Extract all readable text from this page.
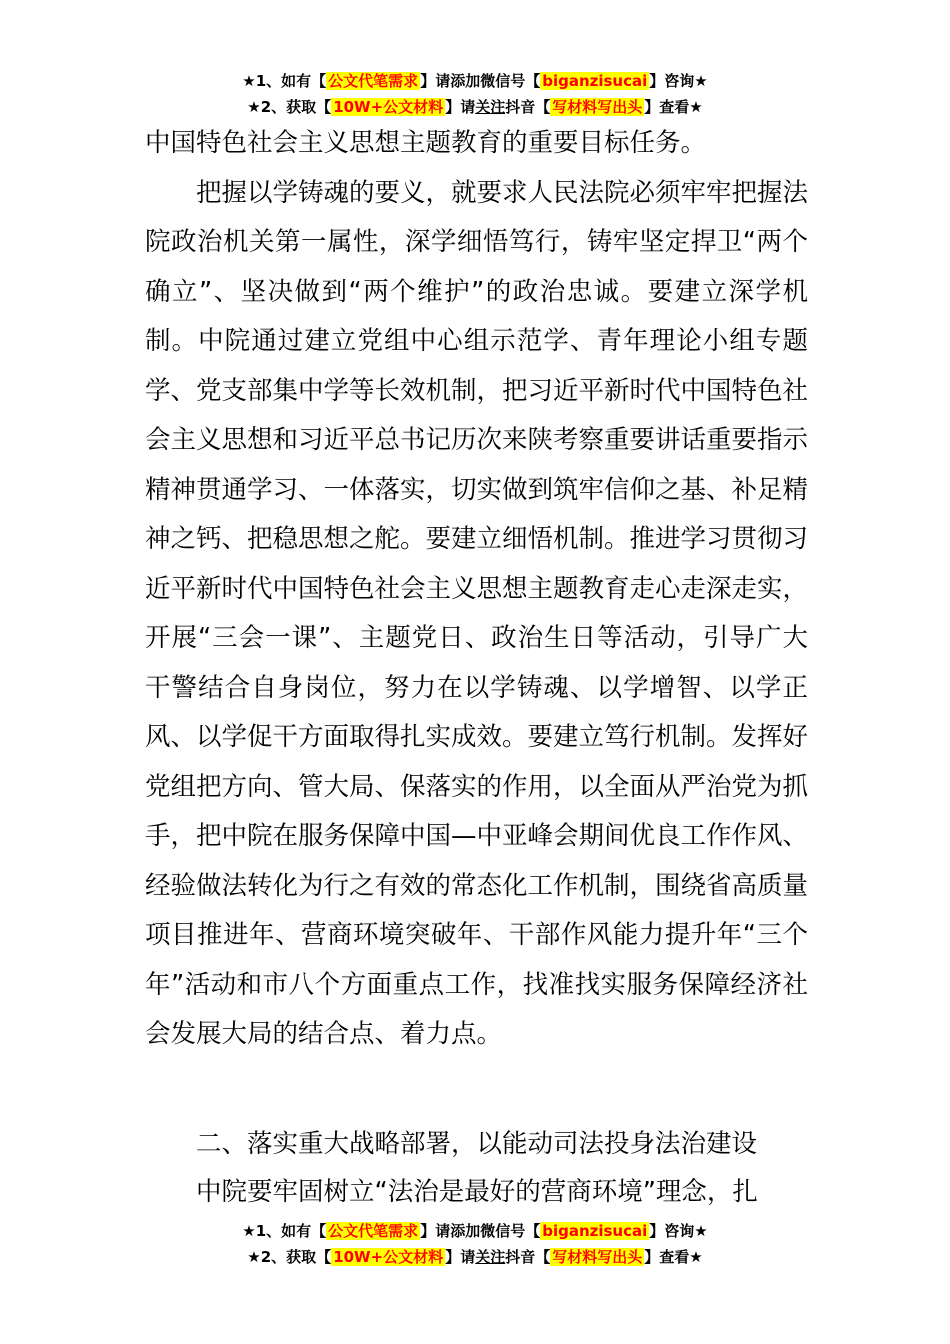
★1、如有【 公文代笔需求 】请添加微信号【 biganzisucai 】咨询★
★2、获取【 10W+公文材料 】请关注抖音【 写材料写出头 】查看★

中国特色社会主义思想主题教育的重要目标任务。

把握以学铸魂的要义，就要求人民法院必须牢牢把握法院政治机关第一属性，深学细悟笃行，铸牢坚定捍卫“两个确立”、坚决做到“两个维护”的政治忠诚。要建立深学机制。中院通过建立党组中心组示范学、青年理论小组专题学、党支部集中学等长效机制，把习近平新时代中国特色社会主义思想和习近平总书记历次来陕考察重要讲话重要指示精神贯通学习、一体落实，切实做到筑牢信仰之基、补足精神之钙、把稳思想之舵。要建立细悟机制。推进学习贯彻习近平新时代中国特色社会主义思想主题教育走心走深走实，开展“三会一课”、主题党日、政治生日等活动，引导广大干警结合自身岗位，努力在以学铸魂、以学增智、以学正风、以学促干方面取得扎实成效。要建立笃行机制。发挥好党组把方向、管大局、保落实的作用，以全面从严治党为抓手，把中院在服务保障中国—中亚峰会期间优良工作作风、经验做法转化为行之有效的常态化工作机制，围绕省高质量项目推进年、营商环境突破年、干部作风能力提升年“三个年”活动和市八个方面重点工作，找准找实服务保障经济社会发展大局的结合点、着力点。

二、落实重大战略部署，以能动司法投身法治建设

中院要牢固树立“法治是最好的营商环境”理念，扎

★1、如有【 公文代笔需求 】请添加微信号【 biganzisucai 】咨询★
★2、获取【 10W+公文材料 】请关注抖音【 写材料写出头 】查看★
